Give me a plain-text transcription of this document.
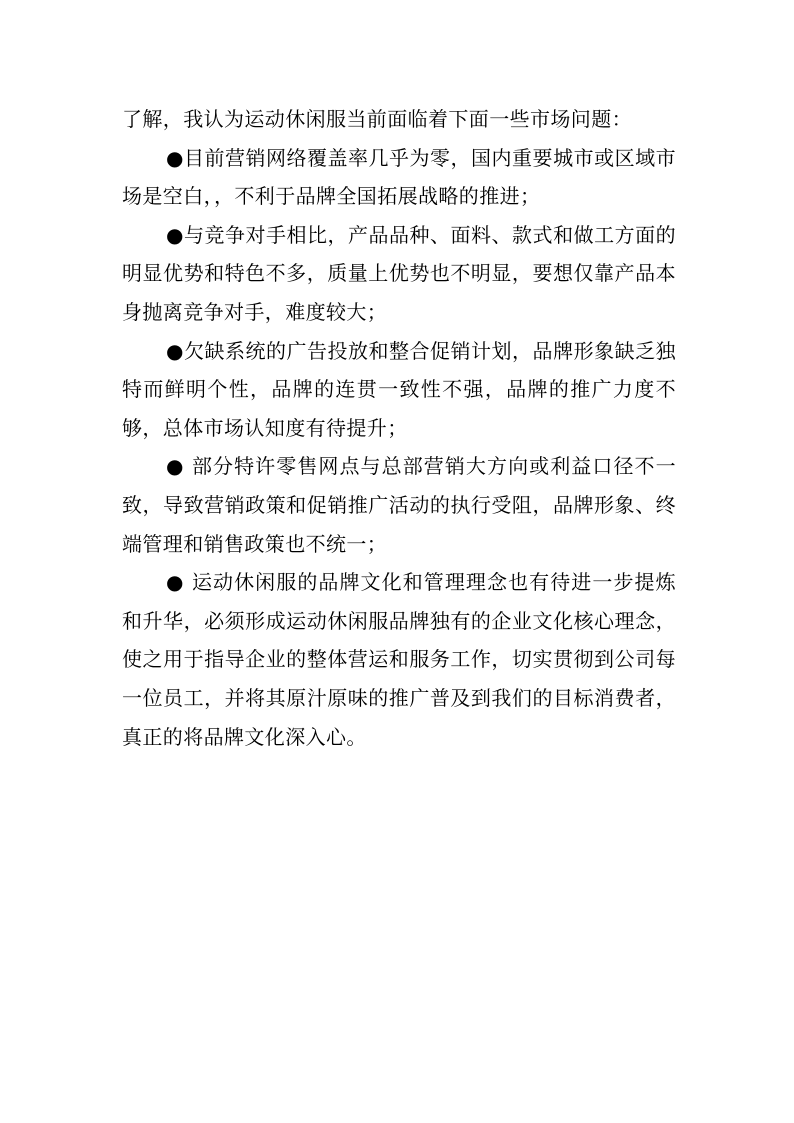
了解，我认为运动休闲服当前面临着下面一些市场问题：

●目前营销网络覆盖率几乎为零，国内重要城市或区域市场是空白，，不利于品牌全国拓展战略的推进；

●与竞争对手相比，产品品种、面料、款式和做工方面的明显优势和特色不多，质量上优势也不明显，要想仅靠产品本身抛离竞争对手，难度较大；

●欠缺系统的广告投放和整合促销计划，品牌形象缺乏独特而鲜明个性，品牌的连贯一致性不强，品牌的推广力度不够，总体市场认知度有待提升；

● 部分特许零售网点与总部营销大方向或利益口径不一致，导致营销政策和促销推广活动的执行受阻，品牌形象、终端管理和销售政策也不统一；

● 运动休闲服的品牌文化和管理理念也有待进一步提炼和升华，必须形成运动休闲服品牌独有的企业文化核心理念，使之用于指导企业的整体营运和服务工作，切实贯彻到公司每一位员工，并将其原汁原味的推广普及到我们的目标消费者，真正的将品牌文化深入心。
